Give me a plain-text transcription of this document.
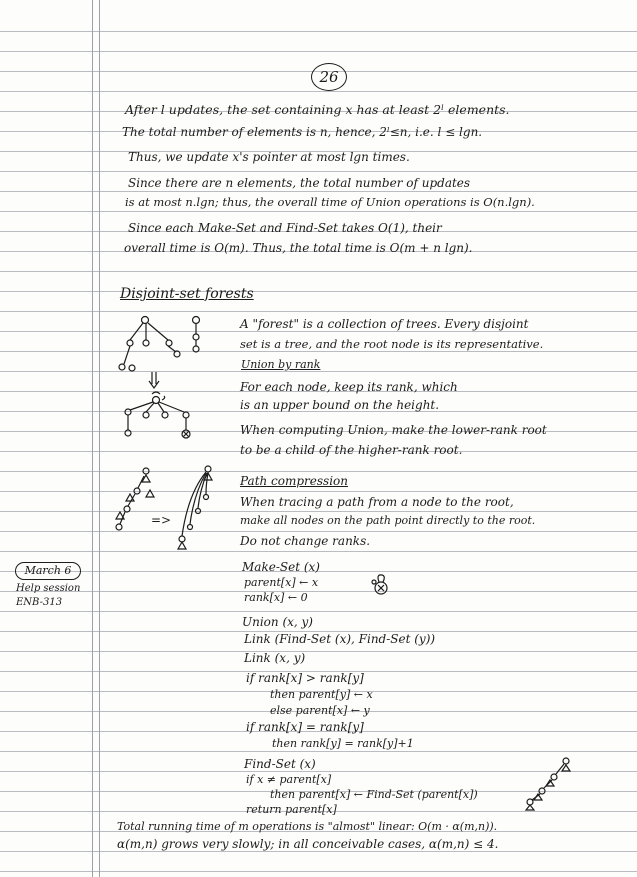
26
After l updates, the set containing x has at least 2ˡ elements.
The total number of elements is n, hence, 2ˡ≤n, i.e. l ≤ lgn.
Thus, we update x's pointer at most lgn times.
Since there are n elements, the total number of updates
is at most n.lgn; thus, the overall time of Union operations is O(n.lgn).
Since each Make-Set and Find-Set takes O(1), their
overall time is O(m). Thus, the total time is O(m + n lgn).
Disjoint-set forests
A "forest" is a collection of trees. Every disjoint
set is a tree, and the root node is its representative.
Union by rank
For each node, keep its rank, which
is an upper bound on the height.
When computing Union, make the lower-rank root
to be a child of the higher-rank root.
Path compression
When tracing a path from a node to the root,
make all nodes on the path point directly to the root.
Do not change ranks.
March 6
Help session
ENB-313
Make-Set (x)
parent[x] ← x
rank[x] ← 0
Union (x, y)
Link (Find-Set (x), Find-Set (y))
Link (x, y)
if rank[x] > rank[y]
then parent[y] ← x
else parent[x] ← y
if rank[x] = rank[y]
then rank[y] = rank[y]+1
Find-Set (x)
if x ≠ parent[x]
then parent[x] ← Find-Set (parent[x])
return parent[x]
Total running time of m operations is "almost" linear: O(m · α(m,n)).
α(m,n) grows very slowly; in all conceivable cases, α(m,n) ≤ 4.
=>
